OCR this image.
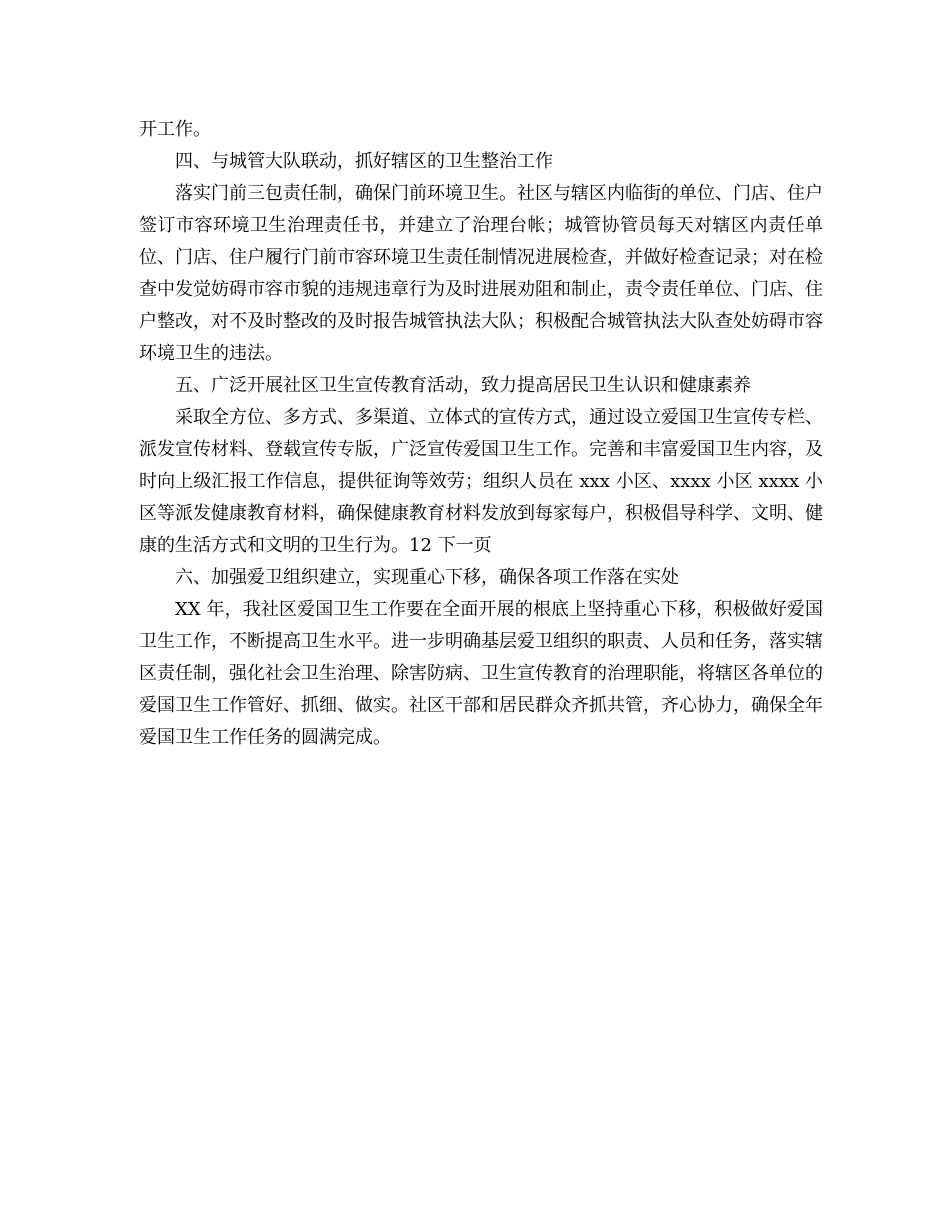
开工作。

四、与城管大队联动，抓好辖区的卫生整治工作

落实门前三包责任制，确保门前环境卫生。社区与辖区内临街的单位、门店、住户签订市容环境卫生治理责任书，并建立了治理台帐；城管协管员每天对辖区内责任单位、门店、住户履行门前市容环境卫生责任制情况进展检查，并做好检查记录；对在检查中发觉妨碍市容市貌的违规违章行为及时进展劝阻和制止，责令责任单位、门店、住户整改，对不及时整改的及时报告城管执法大队；积极配合城管执法大队查处妨碍市容环境卫生的违法。

五、广泛开展社区卫生宣传教育活动，致力提高居民卫生认识和健康素养

采取全方位、多方式、多渠道、立体式的宣传方式，通过设立爱国卫生宣传专栏、派发宣传材料、登载宣传专版，广泛宣传爱国卫生工作。完善和丰富爱国卫生内容，及时向上级汇报工作信息，提供征询等效劳；组织人员在 xxx 小区、xxxx 小区 xxxx 小区等派发健康教育材料，确保健康教育材料发放到每家每户，积极倡导科学、文明、健康的生活方式和文明的卫生行为。12 下一页

六、加强爱卫组织建立，实现重心下移，确保各项工作落在实处

XX 年，我社区爱国卫生工作要在全面开展的根底上坚持重心下移，积极做好爱国卫生工作，不断提高卫生水平。进一步明确基层爱卫组织的职责、人员和任务，落实辖区责任制，强化社会卫生治理、除害防病、卫生宣传教育的治理职能，将辖区各单位的爱国卫生工作管好、抓细、做实。社区干部和居民群众齐抓共管，齐心协力，确保全年爱国卫生工作任务的圆满完成。
